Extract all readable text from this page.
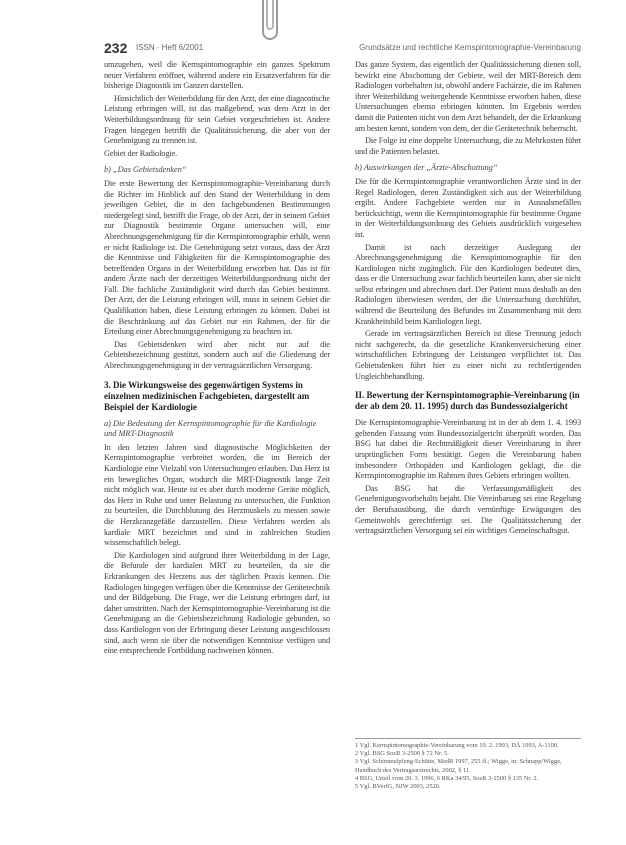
232 ISSN · Heft 6/2001	Grundsätze und rechtliche Kernspintomographie-Vereinbarung

umzugehen, weil die Kernspintomographie ein ganzes Spektrum neuer Verfahren eröffnet, während andere ein Ersatzverfahren für die bisherige Diagnostik im Ganzen darstellen.

Hinsichtlich der Weiterbildung für den Arzt, der eine diagnostische Leistung erbringen will, ist das maßgebend, was dem Arzt in der Weiterbildungsordnung für sein Gebiet vorgeschrieben ist. Andere Fragen hingegen betrifft die Qualitätssicherung, die aber von der Genehmigung zu trennen ist.

Gebiet der Radiologie.

b) „Das Gebietsdenken“

Die erste Bewertung der Kernspintomographie-Vereinbarung durch die Richter im Hinblick auf den Stand der Weiterbildung in dem jeweiligen Gebiet, die in den fachgebundenen Bestimmungen niedergelegt sind, betrifft die Frage, ob der Arzt, der in seinem Gebiet zur Diagnostik bestimmte Organe untersuchen will, eine Abrechnungsgenehmigung für die Kernspintomographie erhält, wenn er nicht Radiologe ist. Die Genehmigung setzt voraus, dass der Arzt die Kenntnisse und Fähigkeiten für die Kernspintomographie des betreffenden Organs in der Weiterbildung erworben hat. Das ist für andere Ärzte nach der derzeitigen Weiterbildungsordnung nicht der Fall. Die fachliche Zuständigkeit wird durch das Gebiet bestimmt. Der Arzt, der die Leistung erbringen will, muss in seinem Gebiet die Qualifikation haben, diese Leistung erbringen zu können. Dabei ist die Beschränkung auf das Gebiet nur ein Rahmen, der für die Erteilung einer Abrechnungsgenehmigung zu beachten ist.

Das Gebietsdenken wird aber nicht nur auf die Gebietsbezeichnung gestützt, sondern auch auf die Gliederung der Abrechnungsgenehmigung in der vertragsärztlichen Versorgung.

3. Die Wirkungsweise des gegenwärtigen Systems in einzelnen medizinischen Fachgebieten, dargestellt am Beispiel der Kardiologie
a) Die Bedeutung der Kernspintomographie für die Kardiologie und MRT-Diagnostik

In den letzten Jahren sind diagnostische Möglichkeiten der Kernspintomographie verbreitet worden, die im Bereich der Kardiologie eine Vielzahl von Untersuchungen erlauben. Das Herz ist ein bewegliches Organ, wodurch die MRT-Diagnostik lange Zeit nicht möglich war. Heute ist es aber durch moderne Geräte möglich, das Herz in Ruhe und unter Belastung zu untersuchen, die Funktion zu beurteilen, die Durchblutung des Herzmuskels zu messen sowie die Herzkranzgefäße darzustellen. Diese Verfahren werden als kardiale MRT bezeichnet und sind in zahlreichen Studien wissenschaftlich belegt.

Die Kardiologen sind aufgrund ihrer Weiterbildung in der Lage, die Befunde der kardialen MRT zu beurteilen, da sie die Erkrankungen des Herzens aus der täglichen Praxis kennen. Die Radiologen hingegen verfügen über die Kenntnisse der Gerätetechnik und der Bildgebung. Die Frage, wer die Leistung erbringen darf, ist daher umstritten. Nach der Kernspintomographie-Vereinbarung ist die Genehmigung an die Gebietsbezeichnung Radiologie gebunden, so dass Kardiologen von der Erbringung dieser Leistung ausgeschlossen sind, auch wenn sie über die notwendigen Kenntnisse verfügen und eine entsprechende Fortbildung nachweisen können.

Das ganze System, das eigentlich der Qualitätssicherung dienen soll, bewirkt eine Abschottung der Gebiete, weil der MRT-Bereich dem Radiologen vorbehalten ist, obwohl andere Fachärzte, die im Rahmen ihrer Weiterbildung weitergehende Kenntnisse erworben haben, diese Untersuchungen ebenso erbringen könnten. Im Ergebnis werden damit die Patienten nicht von dem Arzt behandelt, der die Erkrankung am besten kennt, sondern von dem, der die Gerätetechnik beherrscht.

Die Folge ist eine doppelte Untersuchung, die zu Mehrkosten führt und die Patienten belastet.

b) Auswirkungen der „Ärzte-Abschottung“

Die für die Kernspintomographie verantwortlichen Ärzte sind in der Regel Radiologen, deren Zuständigkeit sich aus der Weiterbildung ergibt. Andere Fachgebiete werden nur in Ausnahmefällen berücksichtigt, wenn die Kernspintomographie für bestimmte Organe in der Weiterbildungsordnung des Gebiets ausdrücklich vorgesehen ist.

Damit ist nach derzeitiger Auslegung der Abrechnungsgenehmigung die Kernspintomographie für den Kardiologen nicht zugänglich. Für den Kardiologen bedeutet dies, dass er die Untersuchung zwar fachlich beurteilen kann, aber sie nicht selbst erbringen und abrechnen darf. Der Patient muss deshalb an den Radiologen überwiesen werden, der die Untersuchung durchführt, während die Beurteilung des Befundes im Zusammenhang mit dem Krankheitsbild beim Kardiologen liegt.

Gerade im vertragsärztlichen Bereich ist diese Trennung jedoch nicht sachgerecht, da die gesetzliche Krankenversicherung einer wirtschaftlichen Erbringung der Leistungen verpflichtet ist. Das Gebietsdenken führt hier zu einer nicht zu rechtfertigenden Ungleichbehandlung.

II. Bewertung der Kernspintomographie-Vereinbarung (in der ab dem 20. 11. 1995) durch das Bundessozialgericht

Die Kernspintomographie-Vereinbarung ist in der ab dem 1. 4. 1993 geltenden Fassung vom Bundessozialgericht überprüft worden. Das BSG hat dabei die Rechtmäßigkeit dieser Vereinbarung in ihrer ursprünglichen Form bestätigt. Gegen die Vereinbarung haben insbesondere Orthopäden und Kardiologen geklagt, die die Kernspintomographie im Rahmen ihres Gebiets erbringen wollten.

Das BSG hat die Verfassungsmäßigkeit des Genehmigungsvorbehalts bejaht. Die Vereinbarung sei eine Regelung der Berufsausübung, die durch vernünftige Erwägungen des Gemeinwohls gerechtfertigt sei. Die Qualitätssicherung der vertragsärztlichen Versorgung sei ein wichtiges Gemeinschaftsgut.

1 Vgl. Kernspintomographie-Vereinbarung vom 10. 2. 1993, DÄ 1993, A-1100.

2 Vgl. BSG SozR 3-2500 § 72 Nr. 5.

3 Vgl. Schimmelpfeng-Schütte, MedR 1997, 255 ff.; Wigge, in: Schnapp/Wigge, Handbuch des Vertragsarztrechts, 2002, § 11.

4 BSG, Urteil vom 20. 3. 1996, 6 RKa 34/95, SozR 3-2500 § 135 Nr. 2.

5 Vgl. BVerfG, NJW 2003, 2520.
